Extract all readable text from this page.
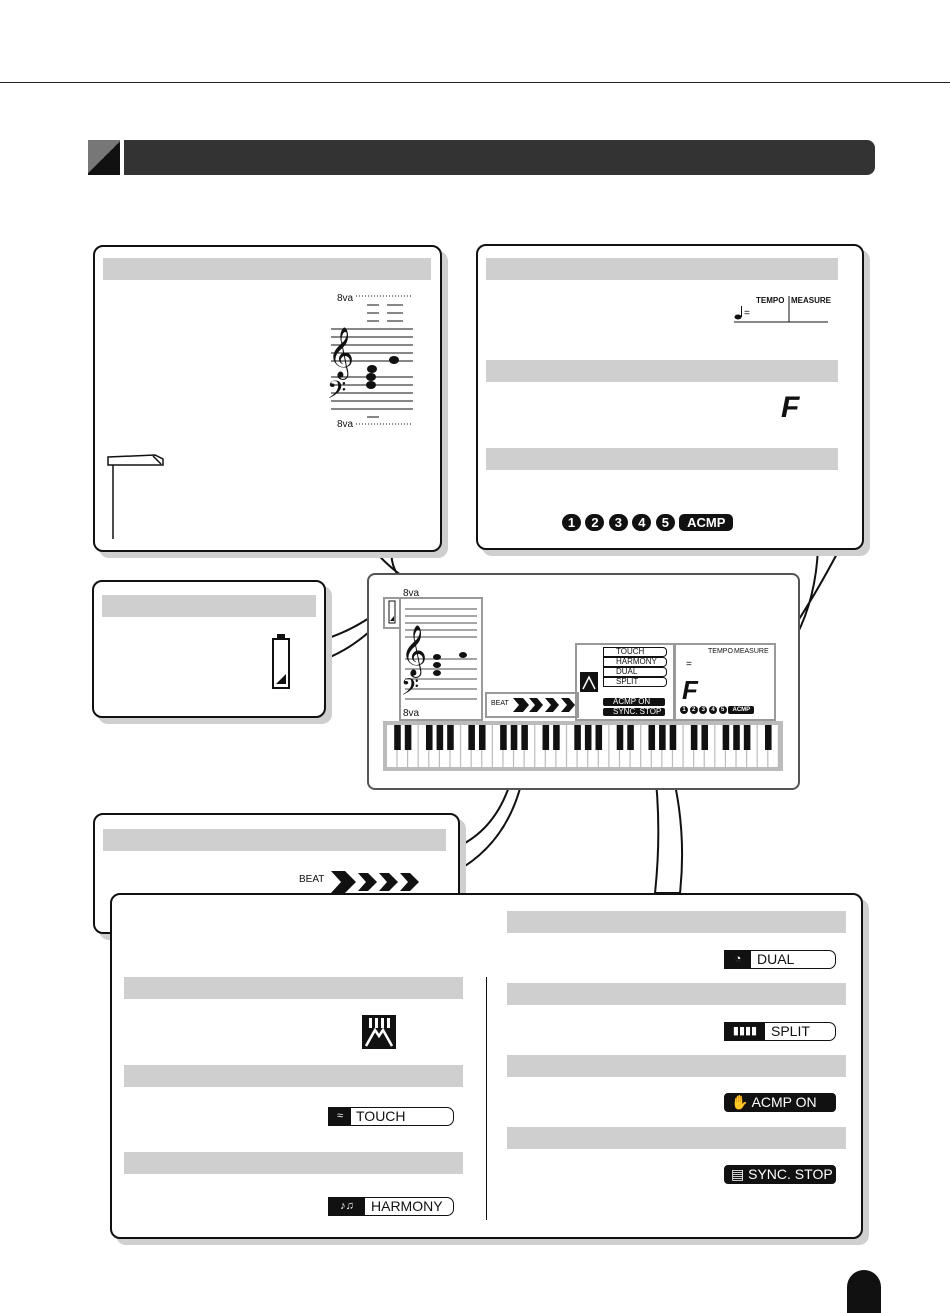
8va
𝄞
𝄢
8va
TEMPO MEASURE
=
F
1 2 3 4 5 ACMP
𝄞
𝄢
8va
8va
BEAT
TOUCH
HARMONY
DUAL
SPLIT
ACMP ON
SYNC. STOP
TEMPO MEASURE
=
F
1 2 3 4 5 ACMP
BEAT
≈ TOUCH
♪♫	HARMONY
◔	DUAL
▮▮▮▮ SPLIT
✋ ACMP ON
▤ SYNC. STOP
